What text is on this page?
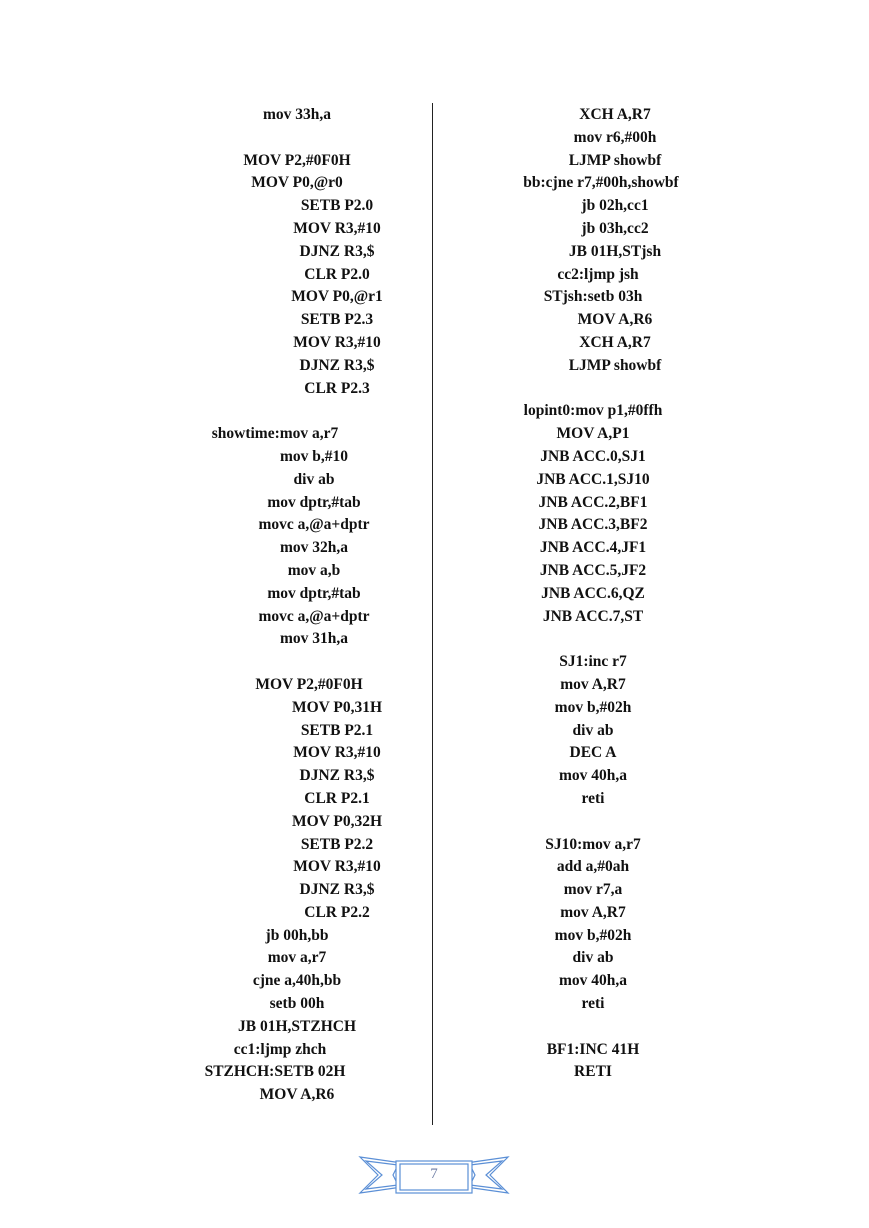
mov 33h,a
MOV P2,#0F0H
MOV P0,@r0
SETB P2.0
MOV R3,#10
DJNZ R3,$
CLR P2.0
MOV P0,@r1
SETB P2.3
MOV R3,#10
DJNZ R3,$
CLR P2.3
showtime:mov a,r7
mov b,#10
div ab
mov dptr,#tab
movc a,@a+dptr
mov 32h,a
mov a,b
mov dptr,#tab
movc a,@a+dptr
mov 31h,a
MOV P2,#0F0H
MOV P0,31H
SETB P2.1
MOV R3,#10
DJNZ R3,$
CLR P2.1
MOV P0,32H
SETB P2.2
MOV R3,#10
DJNZ R3,$
CLR P2.2
jb 00h,bb
mov a,r7
cjne a,40h,bb
setb 00h
JB 01H,STZHCH
cc1:ljmp zhch
STZHCH:SETB 02H
MOV A,R6
XCH A,R7
mov r6,#00h
LJMP showbf
bb:cjne r7,#00h,showbf
jb 02h,cc1
jb 03h,cc2
JB 01H,STjsh
cc2:ljmp jsh
STjsh:setb 03h
MOV A,R6
XCH A,R7
LJMP showbf
lopint0:mov p1,#0ffh
MOV A,P1
JNB ACC.0,SJ1
JNB ACC.1,SJ10
JNB ACC.2,BF1
JNB ACC.3,BF2
JNB ACC.4,JF1
JNB ACC.5,JF2
JNB ACC.6,QZ
JNB ACC.7,ST
SJ1:inc r7
mov A,R7
mov b,#02h
div ab
DEC A
mov 40h,a
reti
SJ10:mov a,r7
add a,#0ah
mov r7,a
mov A,R7
mov b,#02h
div ab
mov 40h,a
reti
BF1:INC 41H
RETI
7
